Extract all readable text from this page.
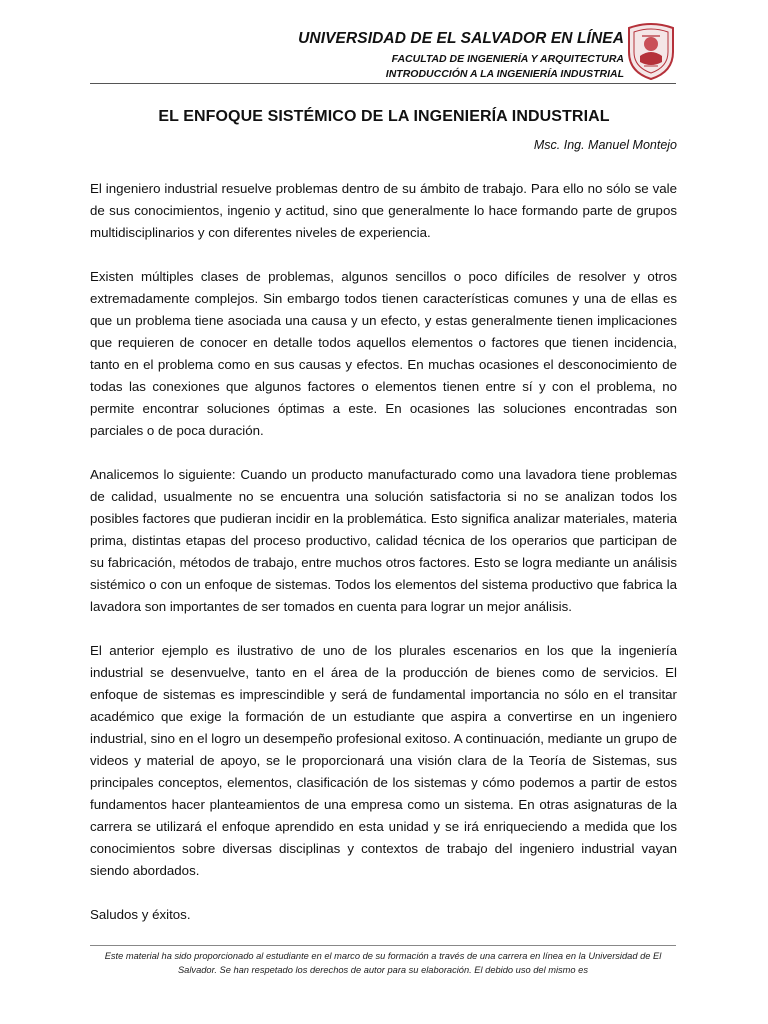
UNIVERSIDAD DE EL SALVADOR EN LÍNEA
FACULTAD DE INGENIERÍA Y ARQUITECTURA
INTRODUCCIÓN A LA INGENIERÍA INDUSTRIAL
EL ENFOQUE SISTÉMICO DE LA INGENIERÍA INDUSTRIAL
Msc. Ing. Manuel Montejo

El ingeniero industrial resuelve problemas dentro de su ámbito de trabajo. Para ello no sólo se vale de sus conocimientos, ingenio y actitud, sino que generalmente lo hace formando parte de grupos multidisciplinarios y con diferentes niveles de experiencia.

Existen múltiples clases de problemas, algunos sencillos o poco difíciles de resolver y otros extremadamente complejos. Sin embargo todos tienen características comunes y una de ellas es que un problema tiene asociada una causa y un efecto, y estas generalmente tienen implicaciones que requieren de conocer en detalle todos aquellos elementos o factores que tienen incidencia, tanto en el problema como en sus causas y efectos. En muchas ocasiones el desconocimiento de todas las conexiones que algunos factores o elementos tienen entre sí y con el problema, no permite encontrar soluciones óptimas a este. En ocasiones las soluciones encontradas son parciales o de poca duración.

Analicemos lo siguiente: Cuando un producto manufacturado como una lavadora tiene problemas de calidad, usualmente no se encuentra una solución satisfactoria si no se analizan todos los posibles factores que pudieran incidir en la problemática. Esto significa analizar materiales, materia prima, distintas etapas del proceso productivo, calidad técnica de los operarios que participan de su fabricación, métodos de trabajo, entre muchos otros factores. Esto se logra mediante un análisis sistémico o con un enfoque de sistemas. Todos los elementos del sistema productivo que fabrica la lavadora son importantes de ser tomados en cuenta para lograr un mejor análisis.

El anterior ejemplo es ilustrativo de uno de los plurales escenarios en los que la ingeniería industrial se desenvuelve, tanto en el área de la producción de bienes como de servicios. El enfoque de sistemas es imprescindible y será de fundamental importancia no sólo en el transitar académico que exige la formación de un estudiante que aspira a convertirse en un ingeniero industrial, sino en el logro un desempeño profesional exitoso. A continuación, mediante un grupo de videos y material de apoyo, se le proporcionará una visión clara de la Teoría de Sistemas, sus principales conceptos, elementos, clasificación de los sistemas y cómo podemos a partir de estos fundamentos hacer planteamientos de una empresa como un sistema. En otras asignaturas de la carrera se utilizará el enfoque aprendido en esta unidad y se irá enriqueciendo a medida que los conocimientos sobre diversas disciplinas y contextos de trabajo del ingeniero industrial vayan siendo abordados.

Saludos y éxitos.

Este material ha sido proporcionado al estudiante en el marco de su formación a través de una carrera en línea en la Universidad de El Salvador. Se han respetado los derechos de autor para su elaboración. El debido uso del mismo es
